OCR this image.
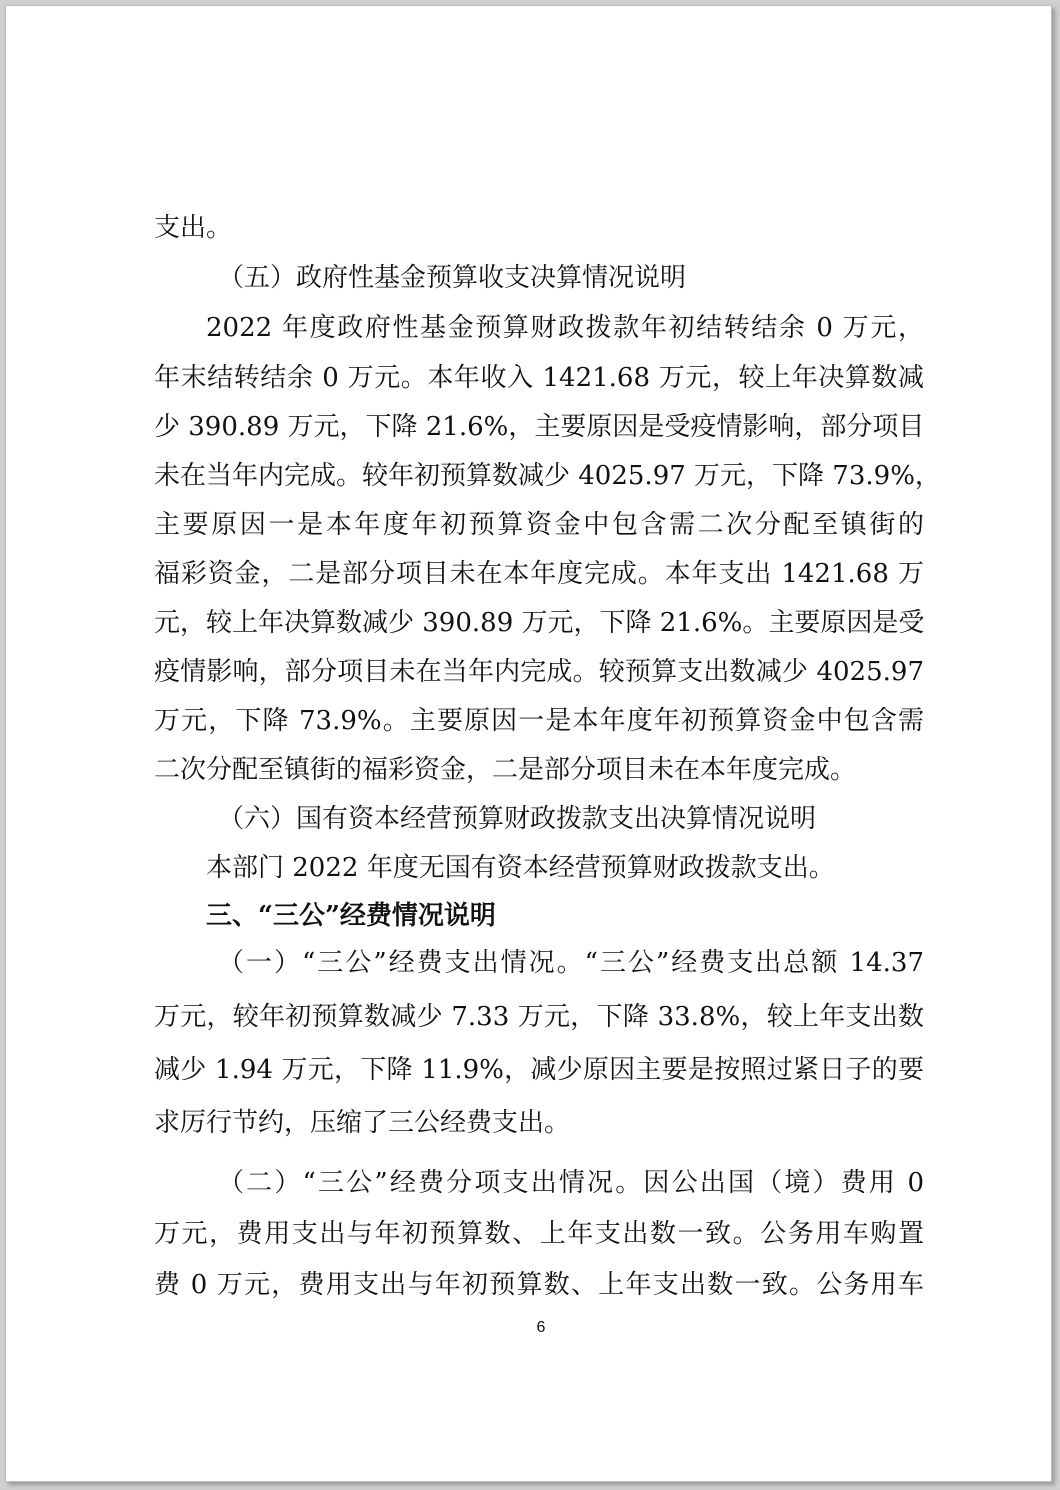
支出。
（五）政府性基金预算收支决算情况说明
2022 年度政府性基金预算财政拨款年初结转结余 0 万元，
年末结转结余 0 万元。本年收入 1421.68 万元，较上年决算数减
少 390.89 万元，下降 21.6%，主要原因是受疫情影响，部分项目
未在当年内完成。较年初预算数减少 4025.97 万元，下降 73.9%，
主要原因一是本年度年初预算资金中包含需二次分配至镇街的
福彩资金，二是部分项目未在本年度完成。本年支出 1421.68 万
元，较上年决算数减少 390.89 万元，下降 21.6%。主要原因是受
疫情影响，部分项目未在当年内完成。较预算支出数减少 4025.97
万元，下降 73.9%。主要原因一是本年度年初预算资金中包含需
二次分配至镇街的福彩资金，二是部分项目未在本年度完成。
（六）国有资本经营预算财政拨款支出决算情况说明
本部门 2022 年度无国有资本经营预算财政拨款支出。
三、“三公”经费情况说明
（一）“三公”经费支出情况。“三公”经费支出总额 14.37
万元，较年初预算数减少 7.33 万元，下降 33.8%，较上年支出数
减少 1.94 万元，下降 11.9%，减少原因主要是按照过紧日子的要
求厉行节约，压缩了三公经费支出。
（二）“三公”经费分项支出情况。因公出国（境）费用 0
万元，费用支出与年初预算数、上年支出数一致。公务用车购置
费 0 万元，费用支出与年初预算数、上年支出数一致。公务用车
6
